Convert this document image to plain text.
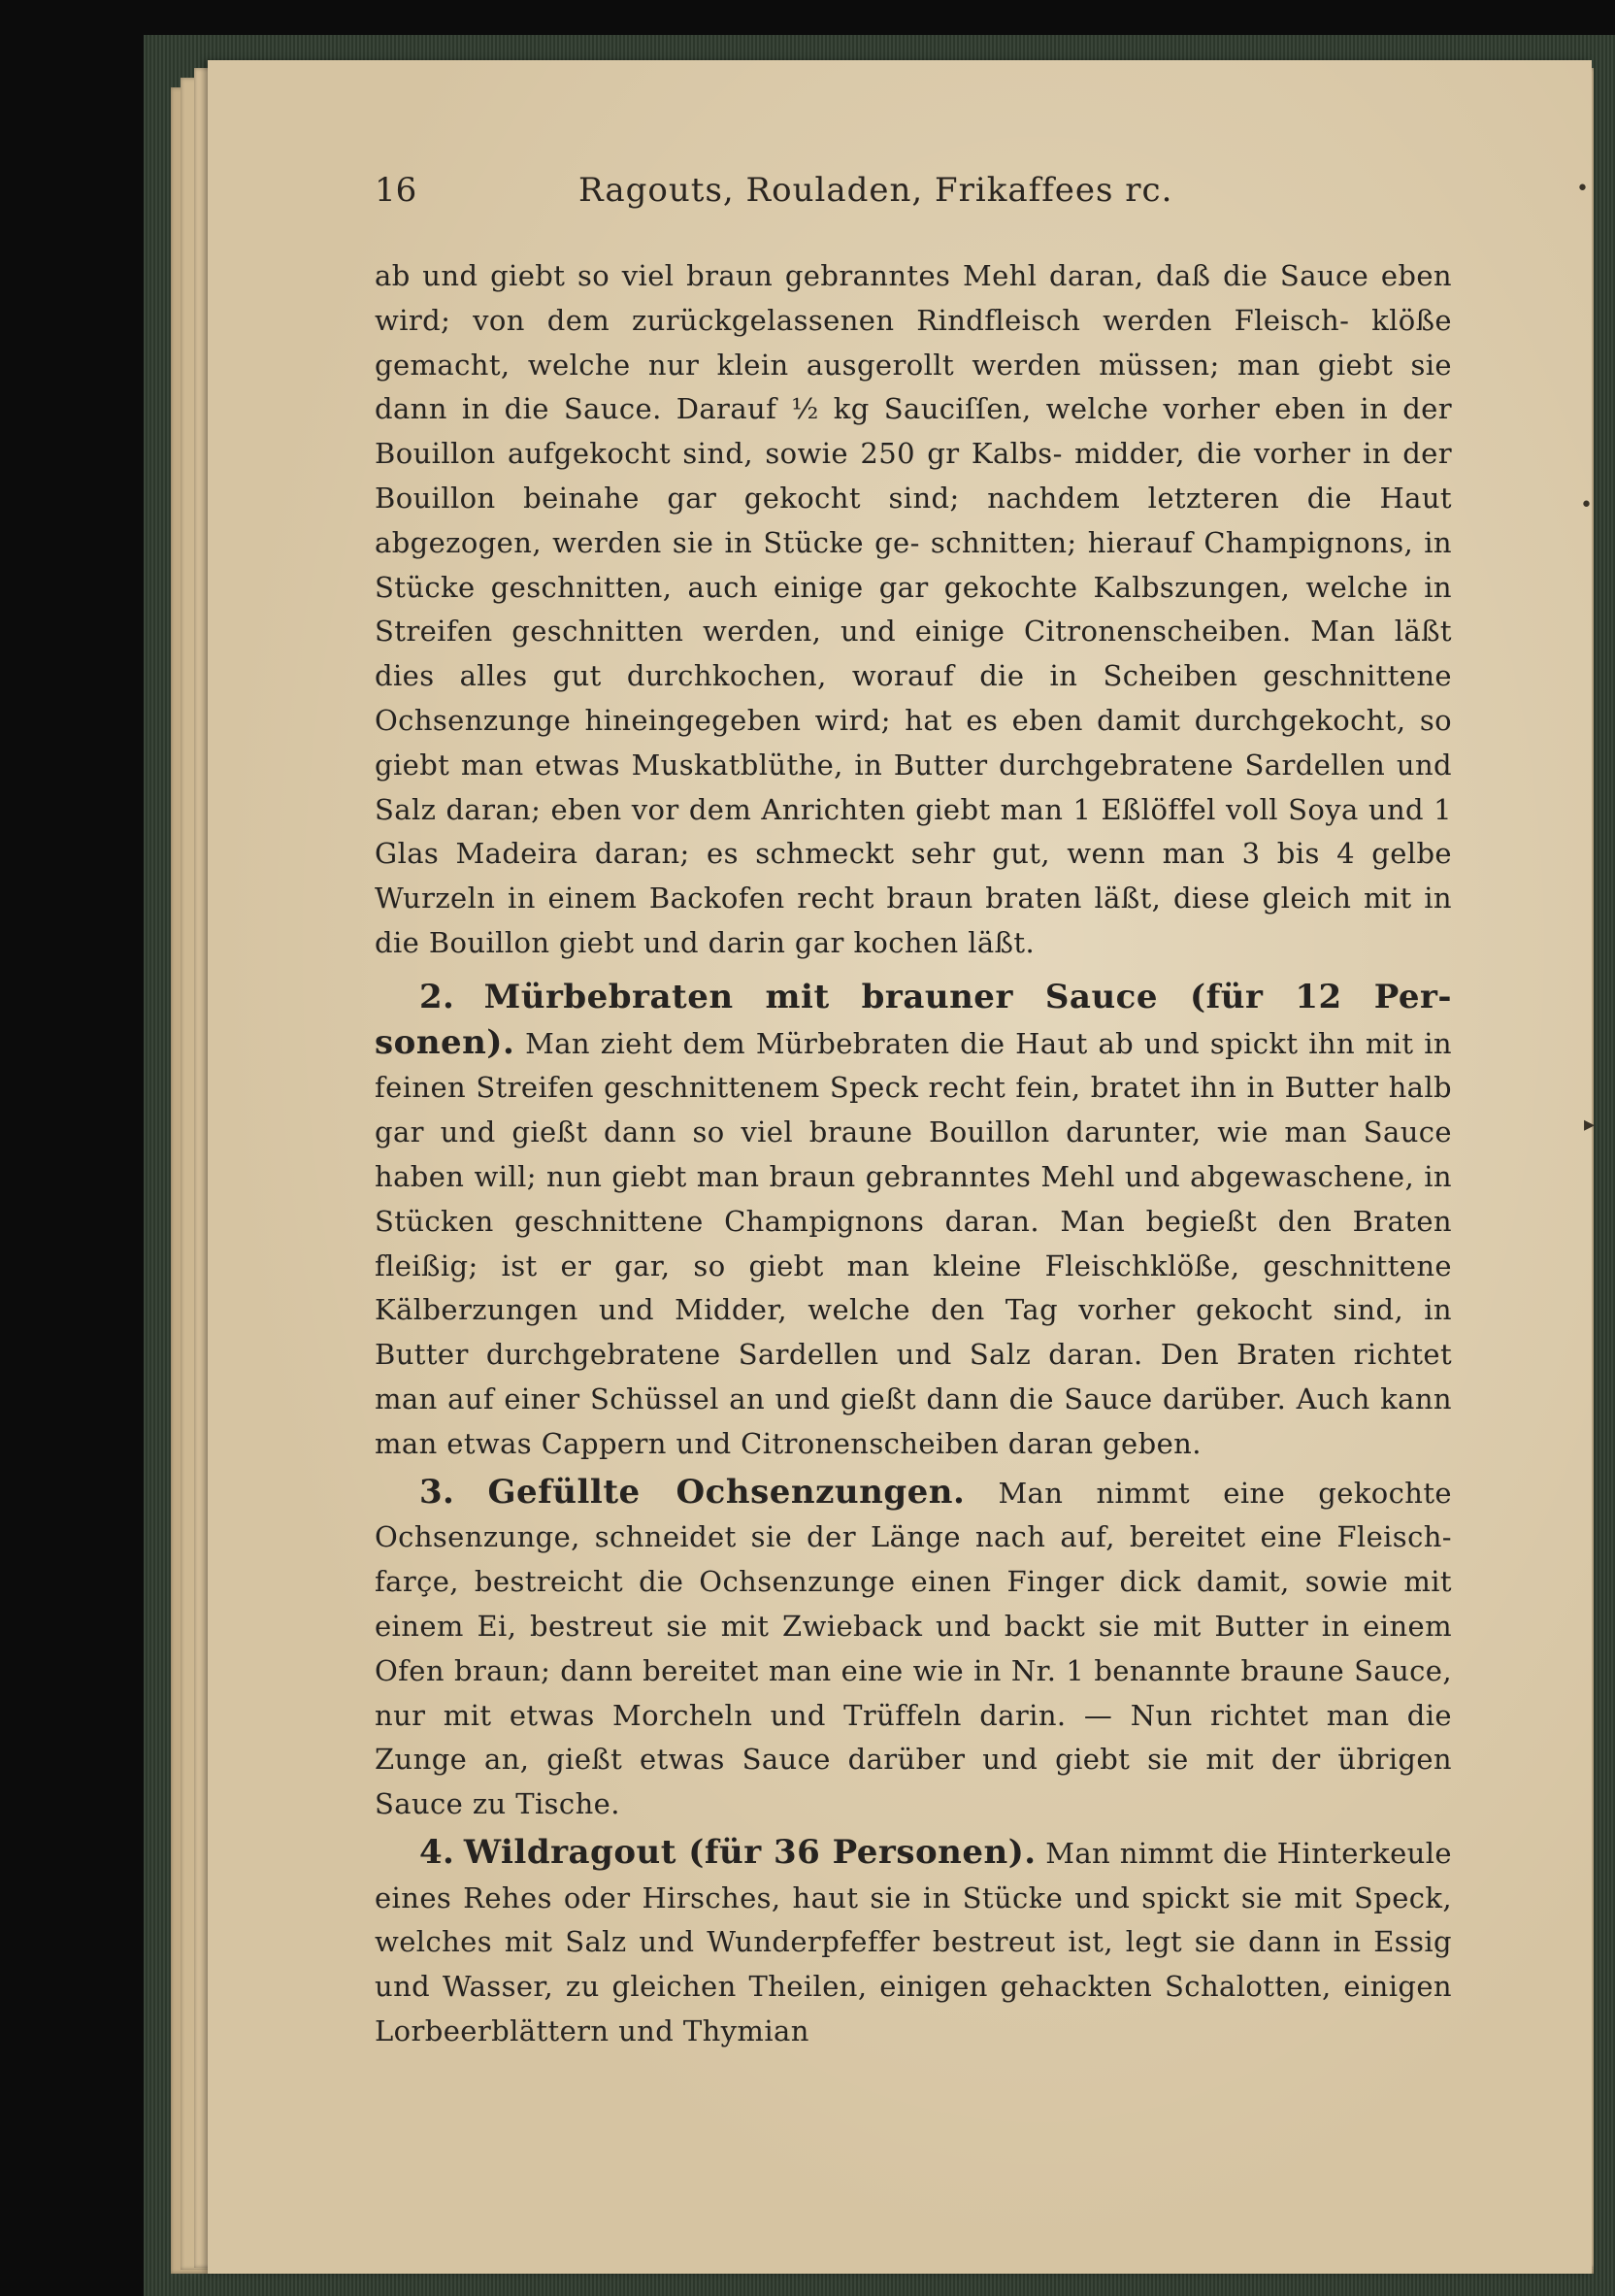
16	Ragouts, Rouladen, Frikaffees rc.	•
•
▸

ab und giebt so viel braun gebranntes Mehl daran, daß die Sauce eben wird; von dem zurückgelassenen Rindfleisch werden Fleisch- klöße gemacht, welche nur klein ausgerollt werden müssen; man giebt sie dann in die Sauce. Darauf ½ kg Sauciſſen, welche vorher eben in der Bouillon aufgekocht sind, sowie 250 gr Kalbs- midder, die vorher in der Bouillon beinahe gar gekocht sind; nachdem letzteren die Haut abgezogen, werden sie in Stücke ge- schnitten; hierauf Champignons, in Stücke geschnitten, auch einige gar gekochte Kalbszungen, welche in Streifen geschnitten werden, und einige Citronenscheiben. Man läßt dies alles gut durchkochen, worauf die in Scheiben geschnittene Ochsenzunge hineingegeben wird; hat es eben damit durchgekocht, so giebt man etwas Muskatblüthe, in Butter durchgebratene Sardellen und Salz daran; eben vor dem Anrichten giebt man 1 Eßlöffel voll Soya und 1 Glas Madeira daran; es schmeckt sehr gut, wenn man 3 bis 4 gelbe Wurzeln in einem Backofen recht braun braten läßt, diese gleich mit in die Bouillon giebt und darin gar kochen läßt.

2. Mürbebraten mit brauner Sauce (für 12 Per- sonen). Man zieht dem Mürbebraten die Haut ab und spickt ihn mit in feinen Streifen geschnittenem Speck recht fein, bratet ihn in Butter halb gar und gießt dann so viel braune Bouillon darunter, wie man Sauce haben will; nun giebt man braun gebranntes Mehl und abgewaschene, in Stücken geschnittene Champignons daran. Man begießt den Braten fleißig; ist er gar, so giebt man kleine Fleischklöße, geschnittene Kälberzungen und Midder, welche den Tag vorher gekocht sind, in Butter durchgebratene Sardellen und Salz daran. Den Braten richtet man auf einer Schüssel an und gießt dann die Sauce darüber. Auch kann man etwas Cappern und Citronenscheiben daran geben.

3. Gefüllte Ochsenzungen. Man nimmt eine gekochte Ochsenzunge, schneidet sie der Länge nach auf, bereitet eine Fleisch- farçe, bestreicht die Ochsenzunge einen Finger dick damit, sowie mit einem Ei, bestreut sie mit Zwieback und backt sie mit Butter in einem Ofen braun; dann bereitet man eine wie in Nr. 1 benannte braune Sauce, nur mit etwas Morcheln und Trüffeln darin. — Nun richtet man die Zunge an, gießt etwas Sauce darüber und giebt sie mit der übrigen Sauce zu Tische.

4. Wildragout (für 36 Personen). Man nimmt die Hinterkeule eines Rehes oder Hirsches, haut sie in Stücke und spickt sie mit Speck, welches mit Salz und Wunderpfeffer bestreut ist, legt sie dann in Essig und Wasser, zu gleichen Theilen, einigen gehackten Schalotten, einigen Lorbeerblättern und Thymian
